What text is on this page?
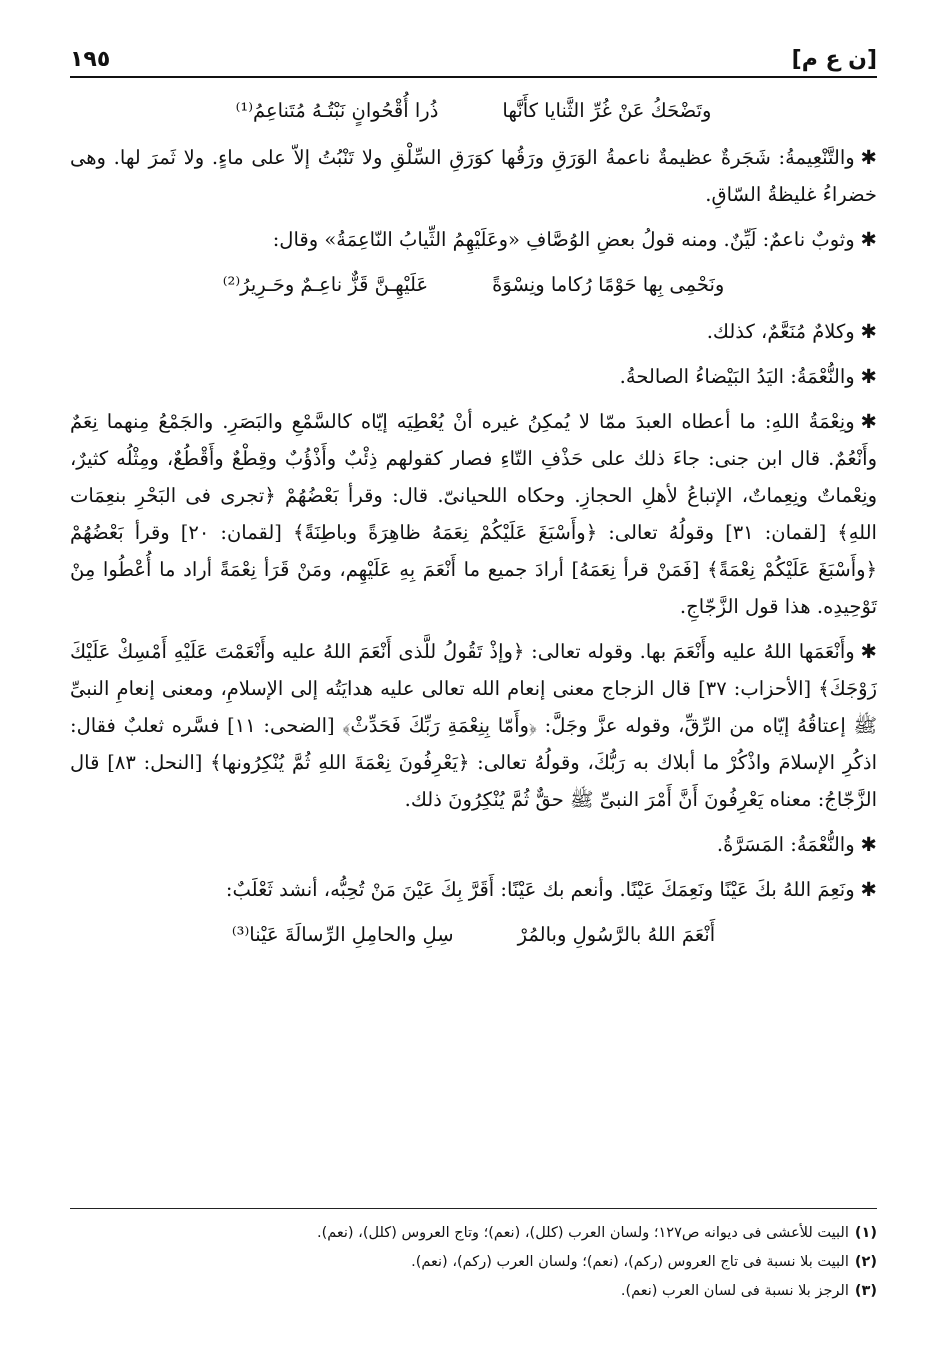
[ن ع م]
١٩٥
وتَضْحَكُ عَنْ غُرِّ الثَّنايا كأَنَّها
ذُرا أُقْحُوانٍ نَبْتُـهُ مُتَناعِمُ⁽¹⁾

✱والتَّنْعِيمةُ: شَجَرةٌ عظيمةٌ ناعمةُ الوَرَقِ ورَقُها كوَرَقِ السِّلْقِ ولا تَنْبُتُ إلاّ على ماءٍ. ولا ثَمرَ لها. وهى خضراءُ غليظةُ السّاقِ.

✱وثوبٌ ناعمٌ: لَيِّنٌ. ومنه قولُ بعضِ الوُصَّافِ «وعَلَيْهِمُ الثِّيابُ النّاعِمَةُ» وقال:

ونَحْمِى بِها حَوْمًا رُكاما ونِسْوَةً
عَلَيْهِـنَّ قَزٌّ ناعِـمٌ وحَـرِيرُ⁽²⁾

✱وكلامٌ مُنَعَّمٌ، كذلك.

✱والنُّعْمَةُ: اليَدُ البَيْضاءُ الصالحةُ.

✱ونِعْمَةُ اللهِ: ما أعطاه العبدَ ممّا لا يُمكِنُ غيره أنْ يُعْطِيَه إيّاه كالسَّمْعِ والبَصَرِ. والجَمْعُ مِنهما نِعَمٌ وأَنْعُمٌ. قال ابن جنى: جاءَ ذلك على حَذْفِ التّاءِ فصار كقولهم ذِئْبٌ وأَذْؤُبٌ وقِطْعٌ وأَقْطُعٌ، ومِثْلُه كثيرٌ، ونِعْماتٌ ونِعِماتٌ، الإتباعُ لأهلِ الحجازِ. وحكاه اللحيانىّ. قال: وقرأ بَعْضُهُمْ ﴿تجرى فى البَحْرِ بنعِمَات اللهِ﴾ [لقمان: ٣١] وقولُهُ تعالى: ﴿وأَسْبَغَ عَلَيْكُمْ نِعَمَهُ ظاهِرَةً وباطِنَةً﴾ [لقمان: ٢٠] وقرأ بَعْضُهُمْ ﴿وأَسْبَغَ عَلَيْكُمْ نِعْمَةً﴾ [فَمَنْ قرأ نِعَمَهُ] أرادَ جميع ما أَنْعَمَ بِهِ عَلَيْهِم، ومَنْ قَرَأ نِعْمَةً أراد ما أُعْطُوا مِنْ تَوْحِيدِه. هذا قول الزَّجّاجِ.

✱وأَنْعَمَها اللهُ عليه وأَنْعَمَ بها. وقوله تعالى: ﴿وإذْ تَقُولُ للَّذى أَنْعَمَ اللهُ عليه وأَنْعَمْتَ عَلَيْهِ أَمْسِكْ عَلَيْكَ زَوْجَكَ﴾ [الأحزاب: ٣٧] قال الزجاج معنى إنعام الله تعالى عليه هدايَتُه إلى الإسلامِ، ومعنى إنعامِ النبىِّ ﷺ إعتاقُهُ إيّاه من الرِّقِّ، وقوله عزَّ وجَلَّ: ﴿وأَمّا بِنِعْمَةِ رَبِّكَ فَحَدِّثْ﴾ [الضحى: ١١] فسَّره ثعلبٌ فقال: اذكُرِ الإسلامَ واذْكُرْ ما أبلاك به رَبُّكَ، وقولُهُ تعالى: ﴿يَعْرِفُونَ نِعْمَةَ اللهِ ثُمَّ يُنْكِرُونها﴾ [النحل: ٨٣] قال الزَّجّاجُ: معناه يَعْرِفُونَ أَنَّ أَمْرَ النبىِّ ﷺ حقٌّ ثُمَّ يُنْكِرُونَ ذلك.

✱والنُّعْمَةُ: المَسَرَّةُ.

✱ونَعِمَ اللهُ بكَ عَيْنًا ونَعِمَكَ عَيْنًا. وأنعم بك عَيْنًا: أَقَرَّ بِكَ عَيْنَ مَنْ تُحِبُّه، أنشد ثَعْلَبٌ:

أَنْعَمَ اللهُ بالرَّسُولِ وبالمُرْ
سِلِ والحامِلِ الرِّسالَةَ عَيْنا⁽³⁾

(١)البيت للأعشى فى ديوانه ص١٢٧؛ ولسان العرب (كلل)، (نعم)؛ وتاج العروس (كلل)، (نعم).

(٢)البيت بلا نسبة فى تاج العروس (ركم)، (نعم)؛ ولسان العرب (ركم)، (نعم).

(٣)الرجز بلا نسبة فى لسان العرب (نعم).
